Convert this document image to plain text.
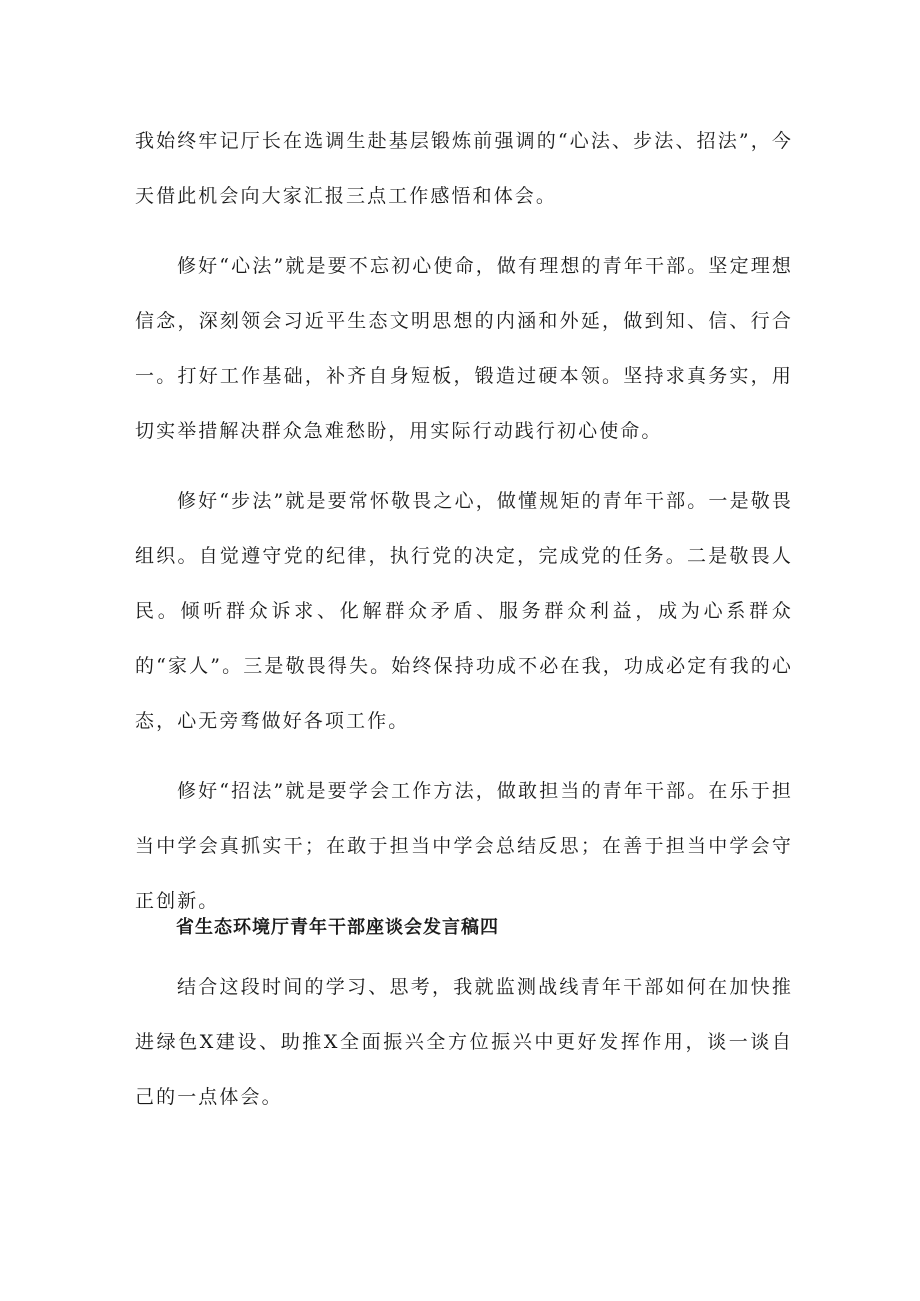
我始终牢记厅长在选调生赴基层锻炼前强调的“心法、步法、招法”，今天借此机会向大家汇报三点工作感悟和体会。

修好“心法”就是要不忘初心使命，做有理想的青年干部。坚定理想信念，深刻领会习近平生态文明思想的内涵和外延，做到知、信、行合一。打好工作基础，补齐自身短板，锻造过硬本领。坚持求真务实，用切实举措解决群众急难愁盼，用实际行动践行初心使命。

修好“步法”就是要常怀敬畏之心，做懂规矩的青年干部。一是敬畏组织。自觉遵守党的纪律，执行党的决定，完成党的任务。二是敬畏人民。倾听群众诉求、化解群众矛盾、服务群众利益，成为心系群众的“家人”。三是敬畏得失。始终保持功成不必在我，功成必定有我的心态，心无旁骛做好各项工作。

修好“招法”就是要学会工作方法，做敢担当的青年干部。在乐于担当中学会真抓实干；在敢于担当中学会总结反思；在善于担当中学会守正创新。

省生态环境厅青年干部座谈会发言稿四

结合这段时间的学习、思考，我就监测战线青年干部如何在加快推进绿色X建设、助推X全面振兴全方位振兴中更好发挥作用，谈一谈自己的一点体会。
